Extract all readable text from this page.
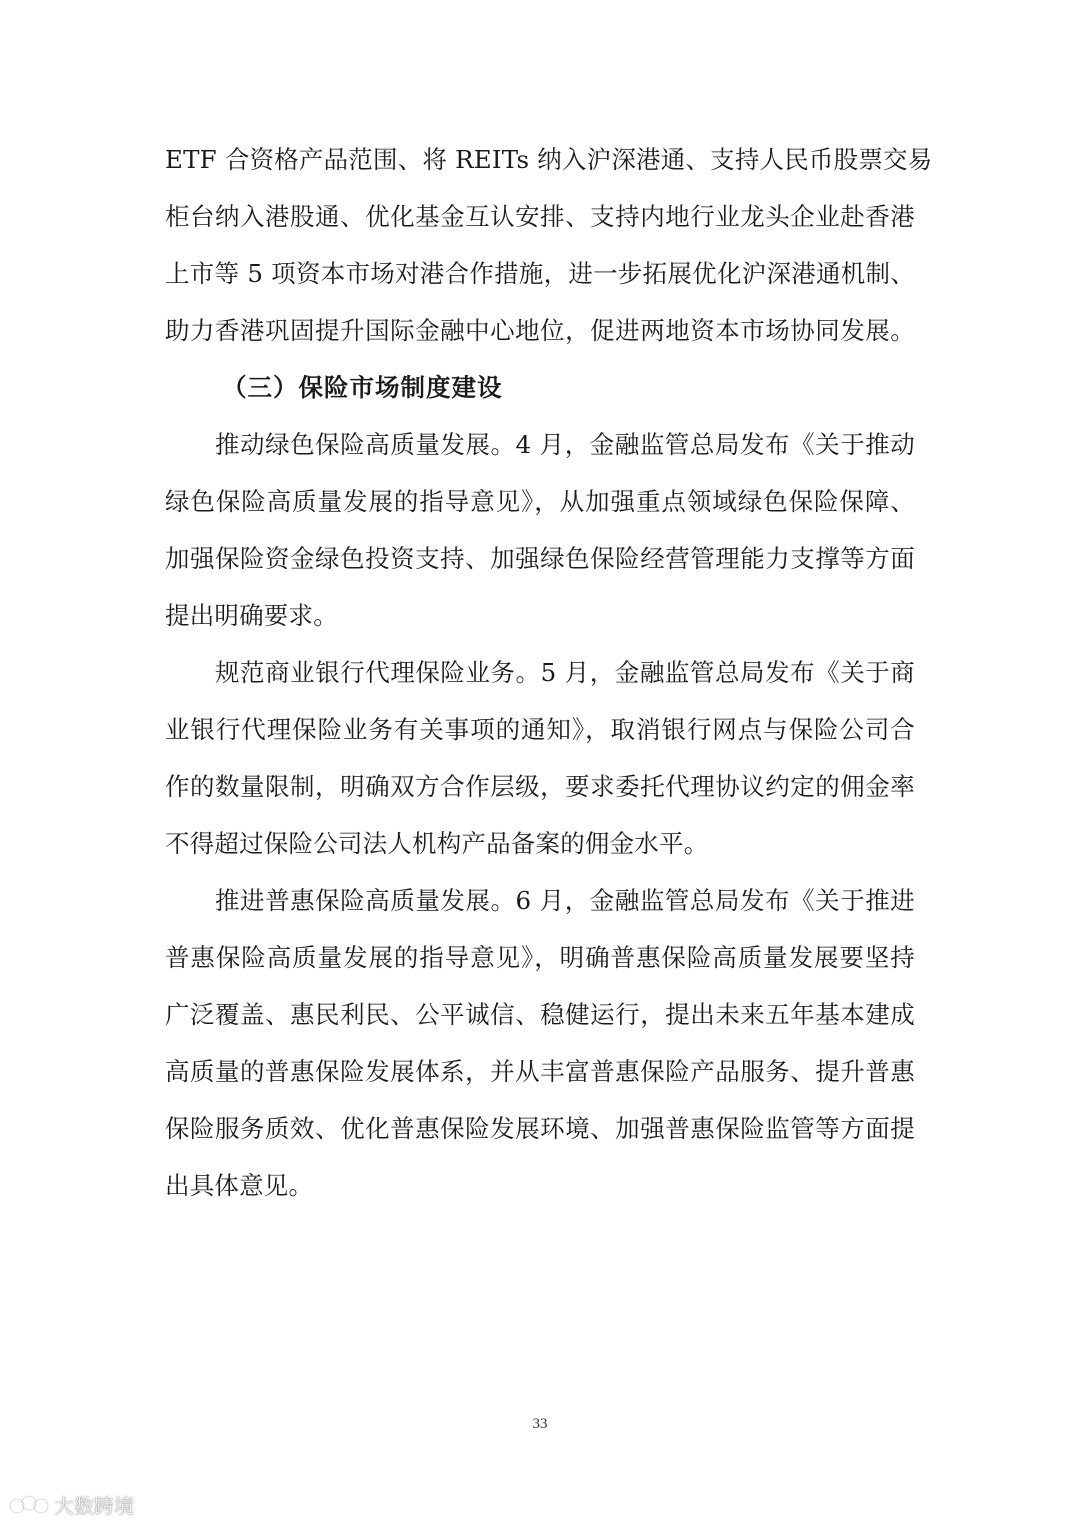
ETF 合资格产品范围、将 REITs 纳入沪深港通、支持人民币股票交易
柜台纳入港股通、优化基金互认安排、支持内地行业龙头企业赴香港
上市等 5 项资本市场对港合作措施，进一步拓展优化沪深港通机制、
助力香港巩固提升国际金融中心地位，促进两地资本市场协同发展。
（三）保险市场制度建设
推动绿色保险高质量发展。4 月，金融监管总局发布《关于推动
绿色保险高质量发展的指导意见》，从加强重点领域绿色保险保障、
加强保险资金绿色投资支持、加强绿色保险经营管理能力支撑等方面
提出明确要求。
规范商业银行代理保险业务。5 月，金融监管总局发布《关于商
业银行代理保险业务有关事项的通知》，取消银行网点与保险公司合
作的数量限制，明确双方合作层级，要求委托代理协议约定的佣金率
不得超过保险公司法人机构产品备案的佣金水平。
推进普惠保险高质量发展。6 月，金融监管总局发布《关于推进
普惠保险高质量发展的指导意见》，明确普惠保险高质量发展要坚持
广泛覆盖、惠民利民、公平诚信、稳健运行，提出未来五年基本建成
高质量的普惠保险发展体系，并从丰富普惠保险产品服务、提升普惠
保险服务质效、优化普惠保险发展环境、加强普惠保险监管等方面提
出具体意见。
33
大数跨境
